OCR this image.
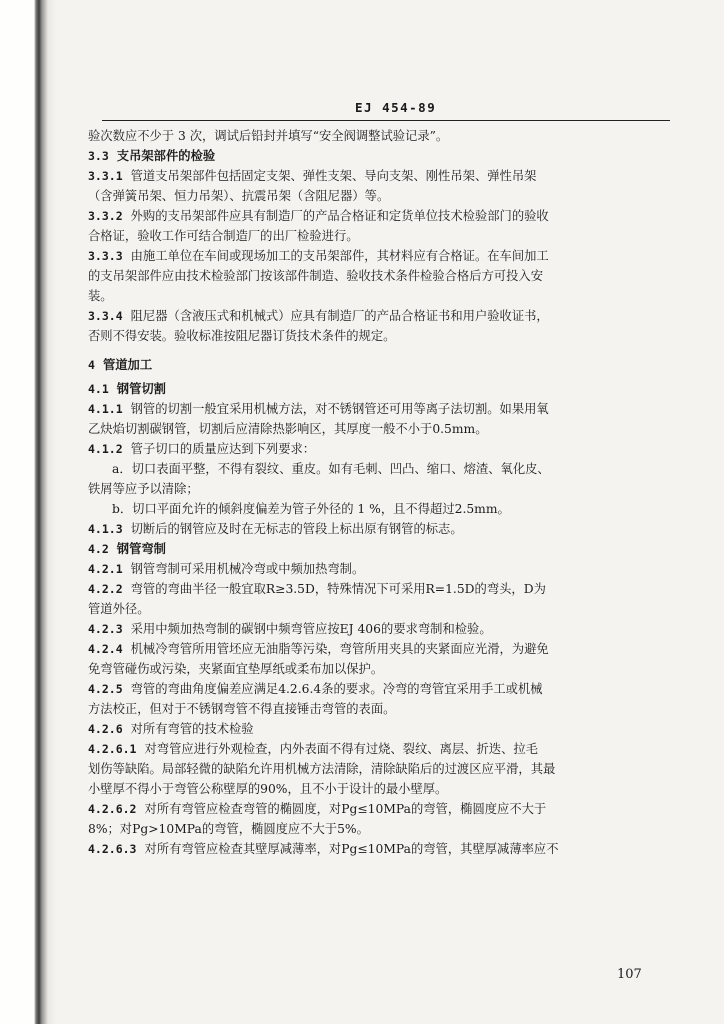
EJ 454-89

验次数应不少于 3 次，调试后铅封并填写“安全阀调整试验记录”。

3.3 支吊架部件的检验

3.3.1 管道支吊架部件包括固定支架、弹性支架、导向支架、刚性吊架、弹性吊架

（含弹簧吊架、恒力吊架）、抗震吊架（含阻尼器）等。

3.3.2 外购的支吊架部件应具有制造厂的产品合格证和定货单位技术检验部门的验收

合格证，验收工作可结合制造厂的出厂检验进行。

3.3.3 由施工单位在车间或现场加工的支吊架部件，其材料应有合格证。在车间加工

的支吊架部件应由技术检验部门按该部件制造、验收技术条件检验合格后方可投入安

装。

3.3.4 阻尼器（含液压式和机械式）应具有制造厂的产品合格证书和用户验收证书，

否则不得安装。验收标准按阻尼器订货技术条件的规定。

4 管道加工

4.1 钢管切割

4.1.1 钢管的切割一般宜采用机械方法，对不锈钢管还可用等离子法切割。如果用氧

乙炔焰切割碳钢管，切割后应清除热影响区，其厚度一般不小于0.5mm。

4.1.2 管子切口的质量应达到下列要求：

a．切口表面平整，不得有裂纹、重皮。如有毛刺、凹凸、缩口、熔渣、氧化皮、

铁屑等应予以清除；

b．切口平面允许的倾斜度偏差为管子外径的 1 %，且不得超过2.5mm。

4.1.3 切断后的钢管应及时在无标志的管段上标出原有钢管的标志。

4.2 钢管弯制

4.2.1 钢管弯制可采用机械冷弯或中频加热弯制。

4.2.2 弯管的弯曲半径一般宜取R≥3.5D，特殊情况下可采用R=1.5D的弯头，D为

管道外径。

4.2.3 采用中频加热弯制的碳钢中频弯管应按EJ 406的要求弯制和检验。

4.2.4 机械冷弯管所用管坯应无油脂等污染，弯管所用夹具的夹紧面应光滑，为避免

免弯管碰伤或污染，夹紧面宜垫厚纸或柔布加以保护。

4.2.5 弯管的弯曲角度偏差应满足4.2.6.4条的要求。冷弯的弯管宜采用手工或机械

方法校正，但对于不锈钢弯管不得直接锤击弯管的表面。

4.2.6 对所有弯管的技术检验

4.2.6.1 对弯管应进行外观检查，内外表面不得有过烧、裂纹、离层、折迭、拉毛

划伤等缺陷。局部轻微的缺陷允许用机械方法清除，清除缺陷后的过渡区应平滑，其最

小壁厚不得小于弯管公称壁厚的90%，且不小于设计的最小壁厚。

4.2.6.2 对所有弯管应检查弯管的椭圆度，对Pg≤10MPa的弯管，椭圆度应不大于

8%；对Pg>10MPa的弯管，椭圆度应不大于5%。

4.2.6.3 对所有弯管应检查其壁厚减薄率，对Pg≤10MPa的弯管，其壁厚减薄率应不

107
